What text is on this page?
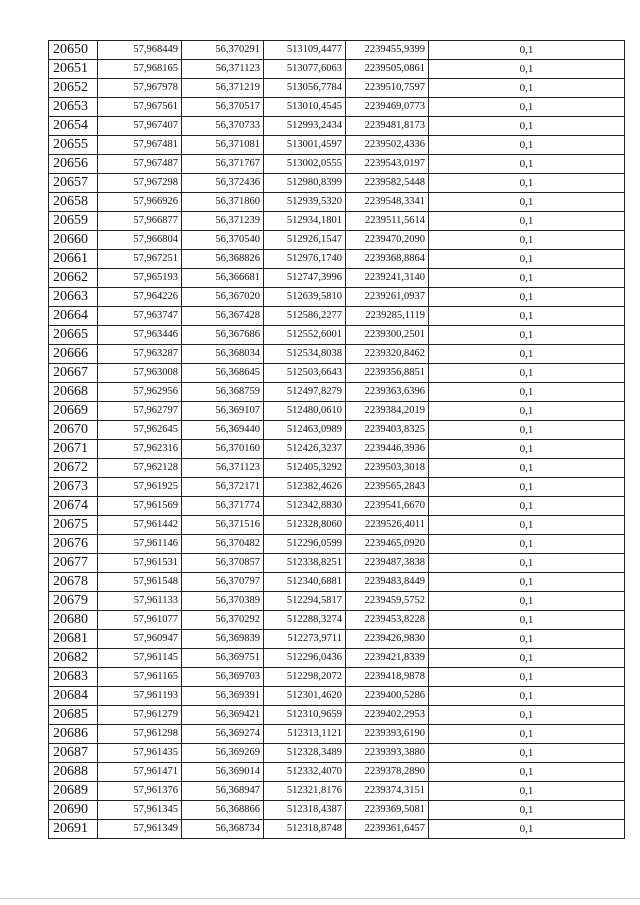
20650	57,968449	56,370291	513109,4477	2239455,9399	0,1
20651	57,968165	56,371123	513077,6063	2239505,0861	0,1
20652	57,967978	56,371219	513056,7784	2239510,7597	0,1
20653	57,967561	56,370517	513010,4545	2239469,0773	0,1
20654	57,967407	56,370733	512993,2434	2239481,8173	0,1
20655	57,967481	56,371081	513001,4597	2239502,4336	0,1
20656	57,967487	56,371767	513002,0555	2239543,0197	0,1
20657	57,967298	56,372436	512980,8399	2239582,5448	0,1
20658	57,966926	56,371860	512939,5320	2239548,3341	0,1
20659	57,966877	56,371239	512934,1801	2239511,5614	0,1
20660	57,966804	56,370540	512926,1547	2239470,2090	0,1
20661	57,967251	56,368826	512976,1740	2239368,8864	0,1
20662	57,965193	56,366681	512747,3996	2239241,3140	0,1
20663	57,964226	56,367020	512639,5810	2239261,0937	0,1
20664	57,963747	56,367428	512586,2277	2239285,1119	0,1
20665	57,963446	56,367686	512552,6001	2239300,2501	0,1
20666	57,963287	56,368034	512534,8038	2239320,8462	0,1
20667	57,963008	56,368645	512503,6643	2239356,8851	0,1
20668	57,962956	56,368759	512497,8279	2239363,6396	0,1
20669	57,962797	56,369107	512480,0610	2239384,2019	0,1
20670	57,962645	56,369440	512463,0989	2239403,8325	0,1
20671	57,962316	56,370160	512426,3237	2239446,3936	0,1
20672	57,962128	56,371123	512405,3292	2239503,3018	0,1
20673	57,961925	56,372171	512382,4626	2239565,2843	0,1
20674	57,961569	56,371774	512342,8830	2239541,6670	0,1
20675	57,961442	56,371516	512328,8060	2239526,4011	0,1
20676	57,961146	56,370482	512296,0599	2239465,0920	0,1
20677	57,961531	56,370857	512338,8251	2239487,3838	0,1
20678	57,961548	56,370797	512340,6881	2239483,8449	0,1
20679	57,961133	56,370389	512294,5817	2239459,5752	0,1
20680	57,961077	56,370292	512288,3274	2239453,8228	0,1
20681	57,960947	56,369839	512273,9711	2239426,9830	0,1
20682	57,961145	56,369751	512296,0436	2239421,8339	0,1
20683	57,961165	56,369703	512298,2072	2239418,9878	0,1
20684	57,961193	56,369391	512301,4620	2239400,5286	0,1
20685	57,961279	56,369421	512310,9659	2239402,2953	0,1
20686	57,961298	56,369274	512313,1121	2239393,6190	0,1
20687	57,961435	56,369269	512328,3489	2239393,3880	0,1
20688	57,961471	56,369014	512332,4070	2239378,2890	0,1
20689	57,961376	56,368947	512321,8176	2239374,3151	0,1
20690	57,961345	56,368866	512318,4387	2239369,5081	0,1
20691	57,961349	56,368734	512318,8748	2239361,6457	0,1
